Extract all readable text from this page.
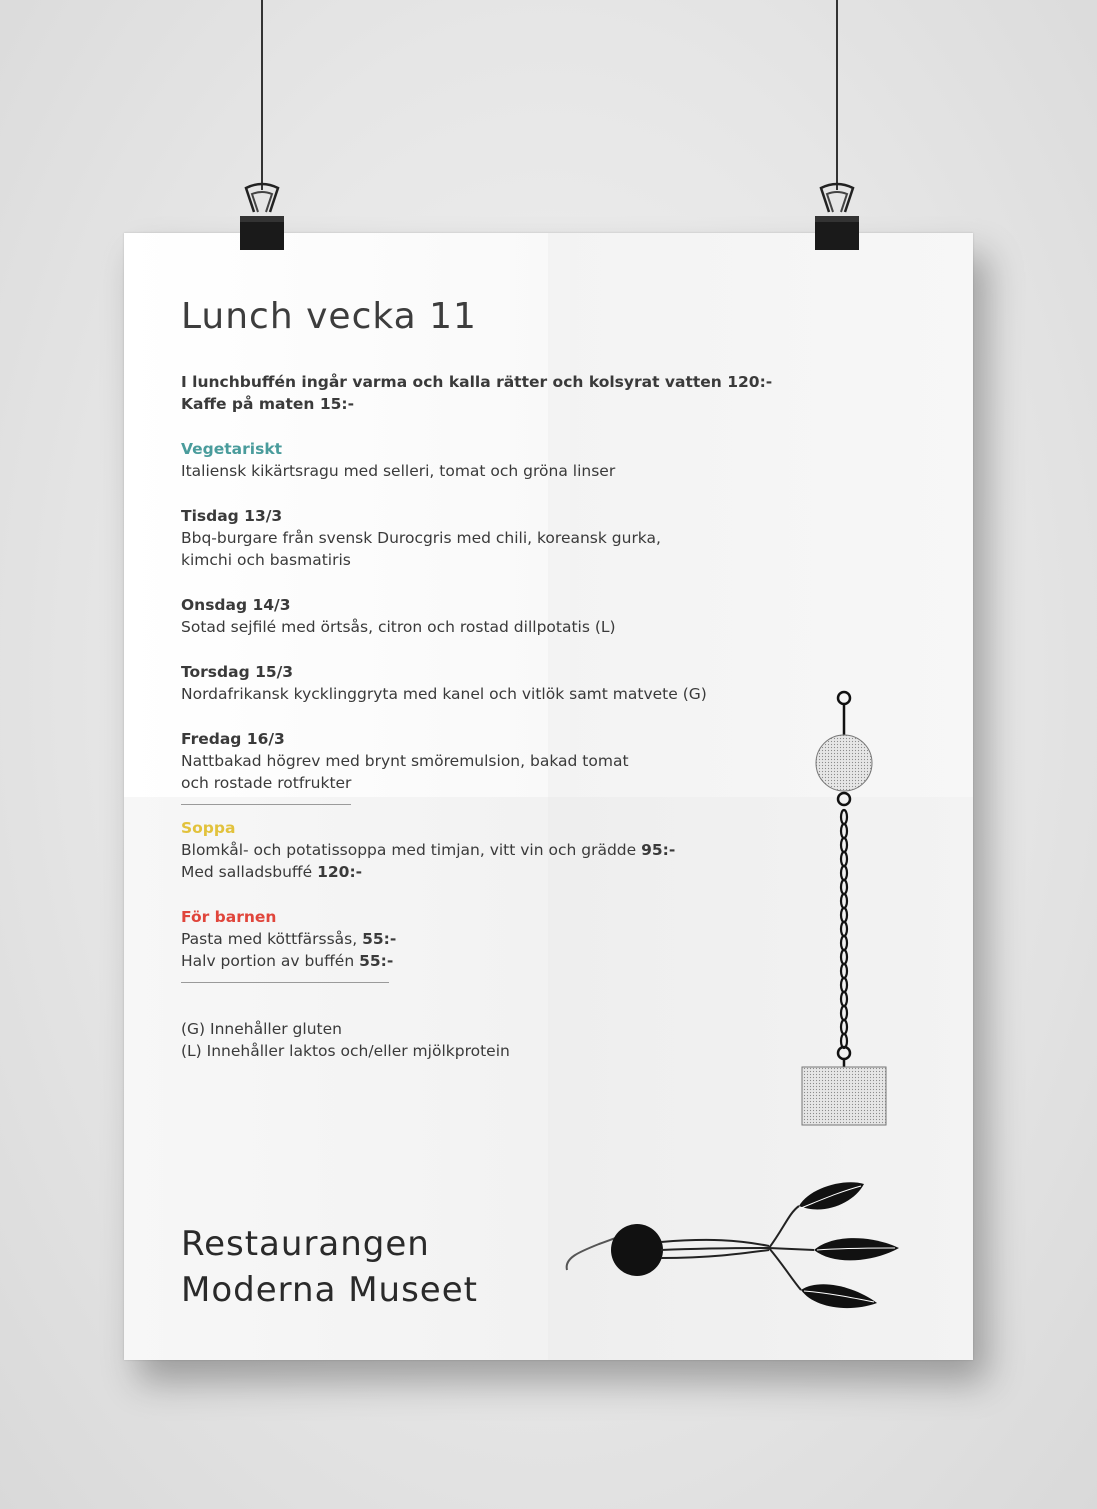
Lunch vecka 11
I lunchbuffén ingår varma och kalla rätter och kolsyrat vatten 120:-
Kaffe på maten 15:-
Vegetariskt
Italiensk kikärtsragu med selleri, tomat och gröna linser
Tisdag 13/3
Bbq-burgare från svensk Durocgris med chili, koreansk gurka,
kimchi och basmatiris
Onsdag 14/3
Sotad sejfilé med örtsås, citron och rostad dillpotatis (L)
Torsdag 15/3
Nordafrikansk kycklinggryta med kanel och vitlök samt matvete (G)
Fredag 16/3
Nattbakad högrev med brynt smöremulsion, bakad tomat
och rostade rotfrukter
Soppa
Blomkål- och potatissoppa med timjan, vitt vin och grädde 95:-
Med salladsbuffé 120:-
För barnen
Pasta med köttfärssås, 55:-
Halv portion av buffén 55:-
(G) Innehåller gluten
(L) Innehåller laktos och/eller mjölkprotein
Restaurangen
Moderna Museet
